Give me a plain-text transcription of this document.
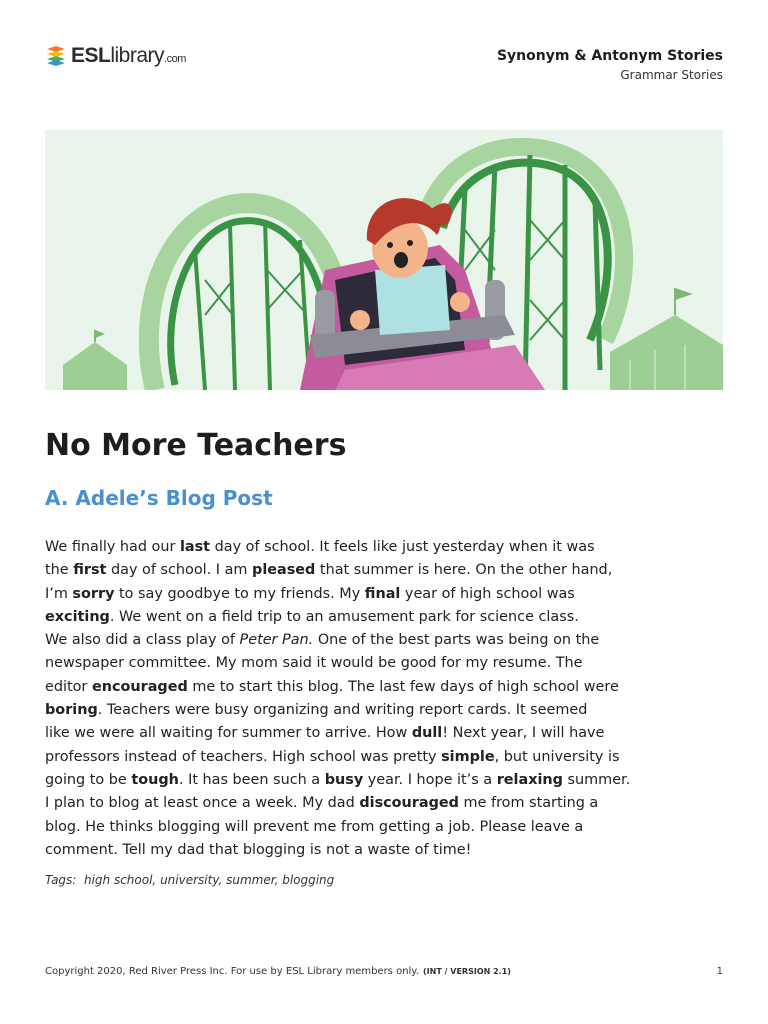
ESLlibrary.com	Synonym & Antonym Stories
Grammar Stories
No More Teachers
A. Adele’s Blog Post
We finally had our last day of school. It feels like just yesterday when it was
the first day of school. I am pleased that summer is here. On the other hand,
I’m sorry to say goodbye to my friends. My final year of high school was
exciting. We went on a field trip to an amusement park for science class.
We also did a class play of Peter Pan. One of the best parts was being on the
newspaper committee. My mom said it would be good for my resume. The
editor encouraged me to start this blog. The last few days of high school were
boring. Teachers were busy organizing and writing report cards. It seemed
like we were all waiting for summer to arrive. How dull! Next year, I will have
professors instead of teachers. High school was pretty simple, but university is
going to be tough. It has been such a busy year. I hope it’s a relaxing summer.
I plan to blog at least once a week. My dad discouraged me from starting a
blog. He thinks blogging will prevent me from getting a job. Please leave a
comment. Tell my dad that blogging is not a waste of time!
Tags: high school, university, summer, blogging
Copyright 2020, Red River Press Inc. For use by ESL Library members only. (INT / VERSION 2.1)	1
